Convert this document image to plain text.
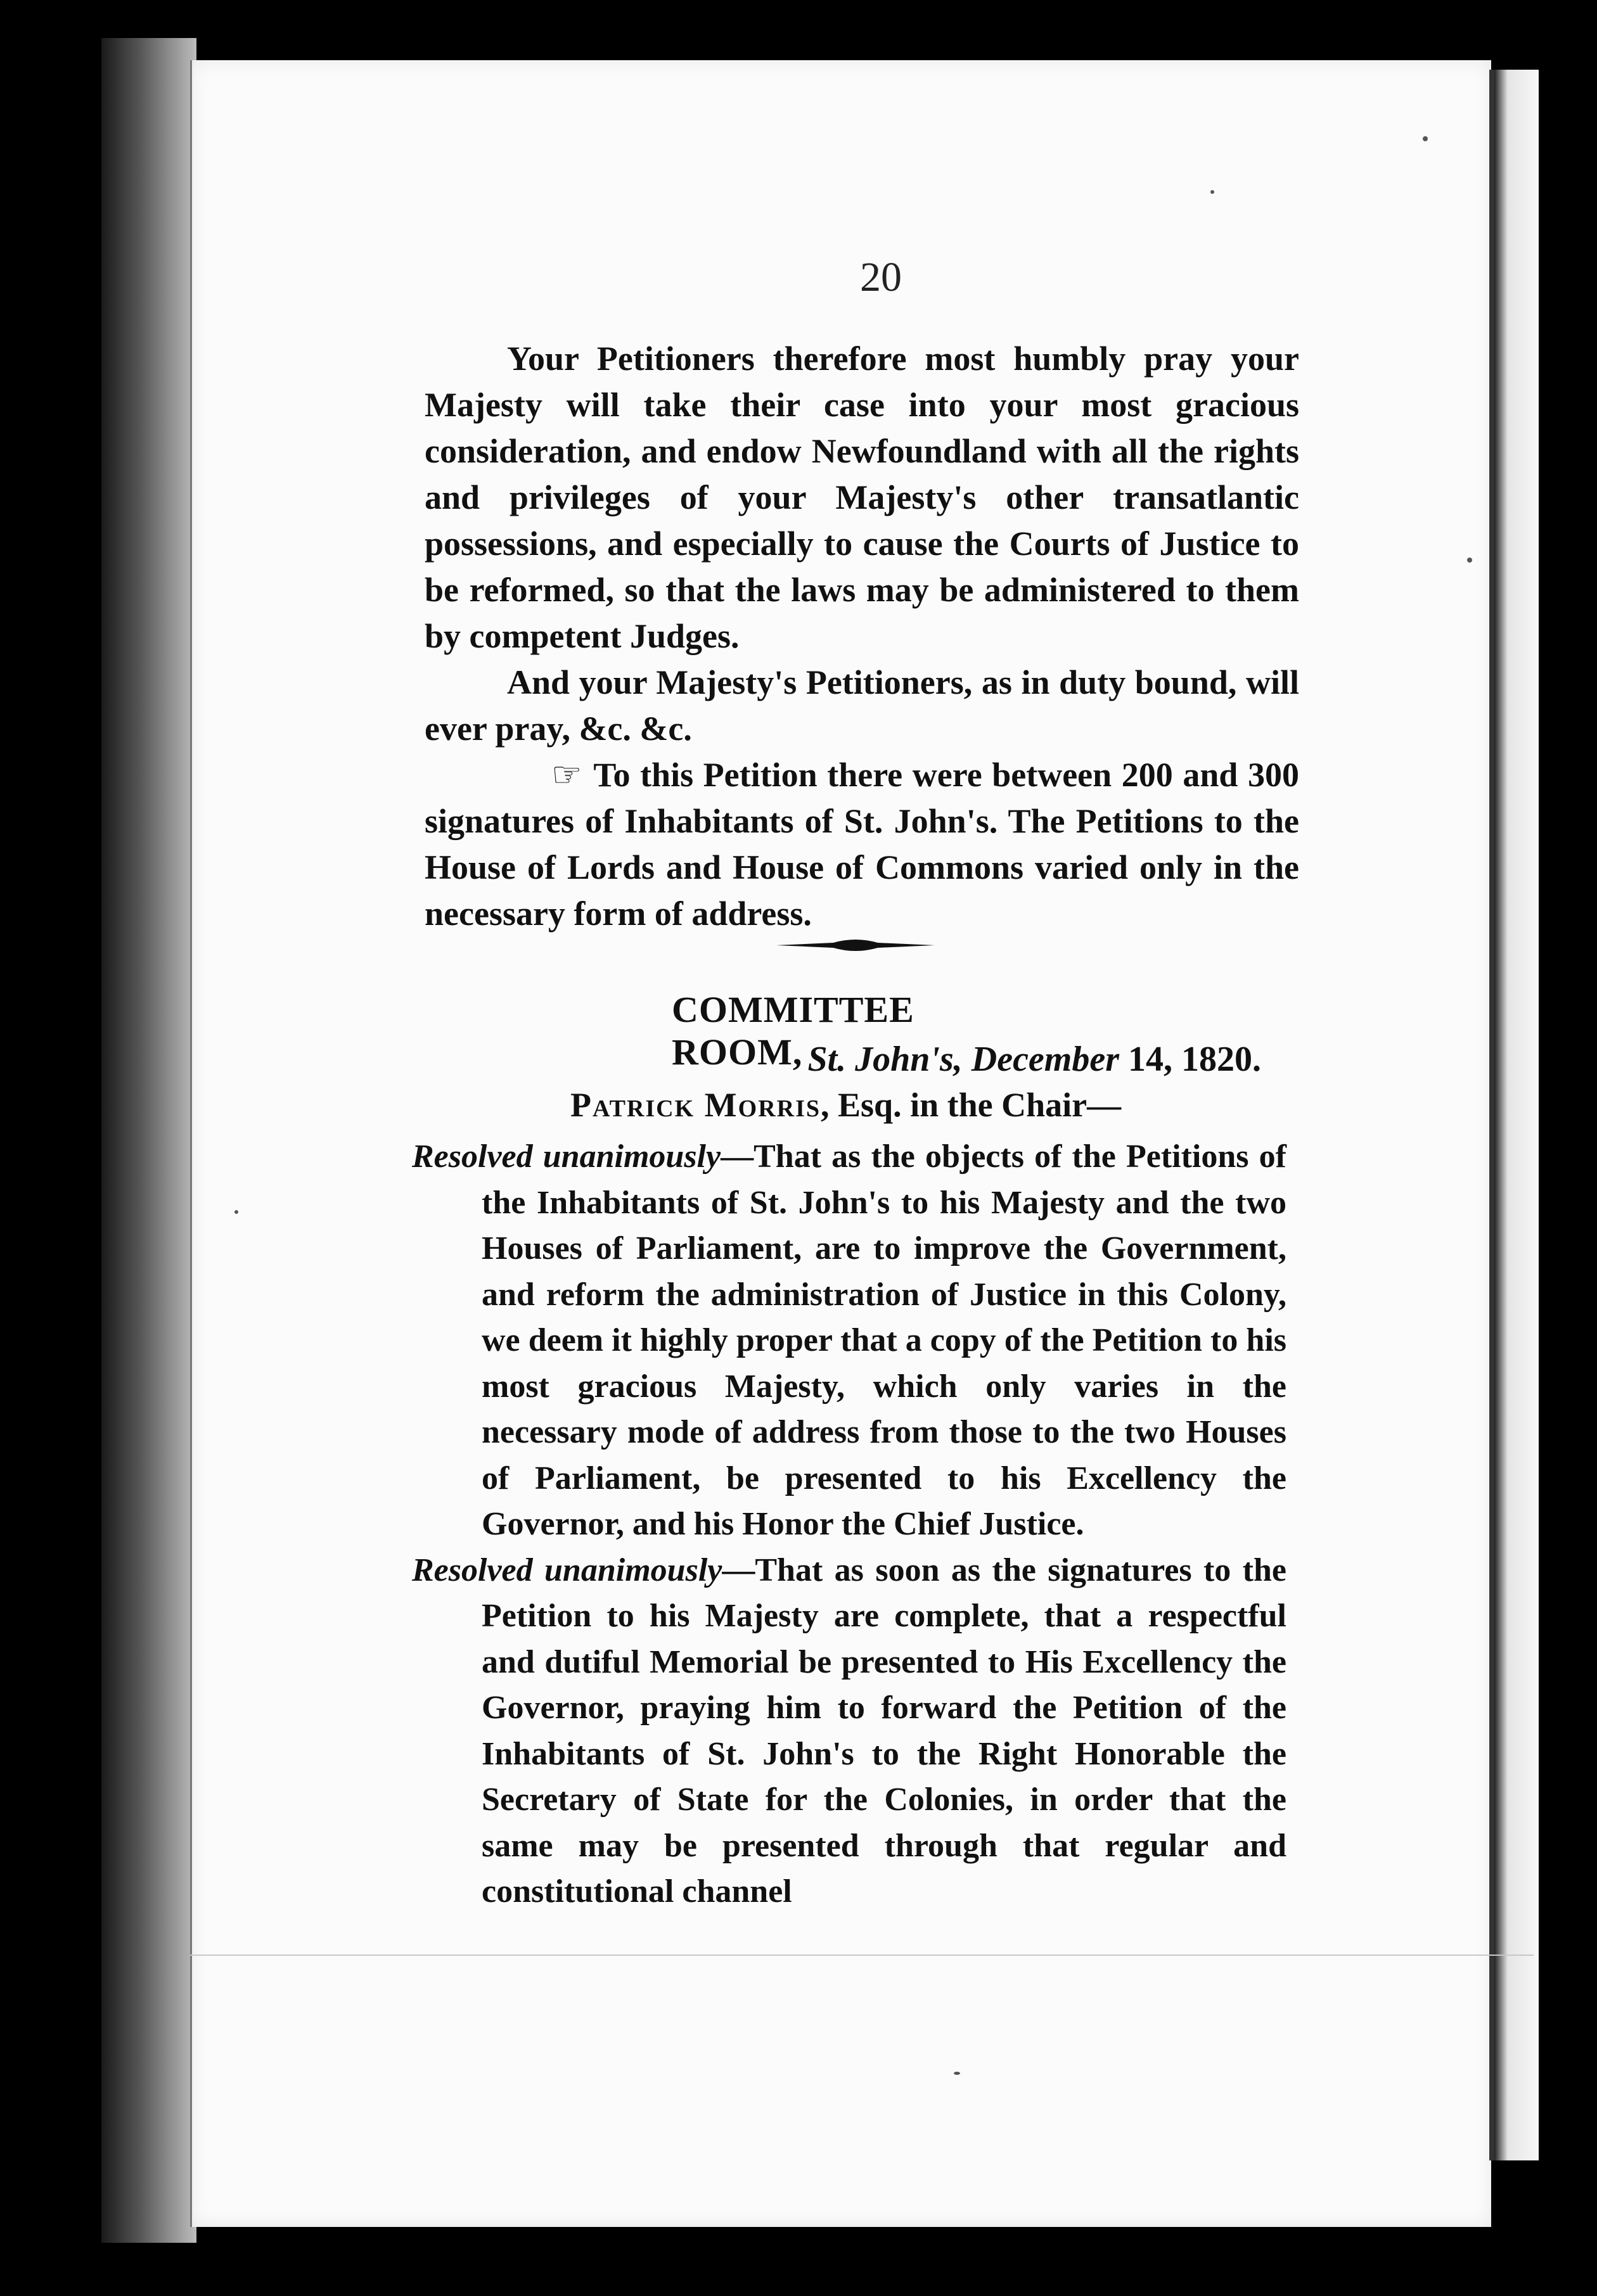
20

Your Petitioners therefore most humbly pray your Majesty will take their case into your most gracious consideration, and endow Newfoundland with all the rights and privileges of your Majesty's other transatlantic possessions, and especially to cause the Courts of Justice to be reformed, so that the laws may be administered to them by competent Judges.

And your Majesty's Petitioners, as in duty bound, will ever pray, &c. &c.

☞ To this Petition there were between 200 and 300 signatures of Inhabitants of St. John's. The Petitions to the House of Lords and House of Commons varied only in the necessary form of address.

COMMITTEE ROOM, St. John's, December 14, 1820.
Patrick Morris, Esq. in the Chair—

Resolved unanimously—That as the objects of the Petitions of the Inhabitants of St. John's to his Majesty and the two Houses of Parliament, are to improve the Government, and reform the administration of Justice in this Colony, we deem it highly proper that a copy of the Petition to his most gracious Majesty, which only varies in the necessary mode of address from those to the two Houses of Parliament, be presented to his Excellency the Governor, and his Honor the Chief Justice.

Resolved unanimously—That as soon as the signatures to the Petition to his Majesty are complete, that a respectful and dutiful Memorial be presented to His Excellency the Governor, praying him to forward the Petition of the Inhabitants of St. John's to the Right Honorable the Secretary of State for the Colonies, in order that the same may be presented through that regular and constitutional channel
